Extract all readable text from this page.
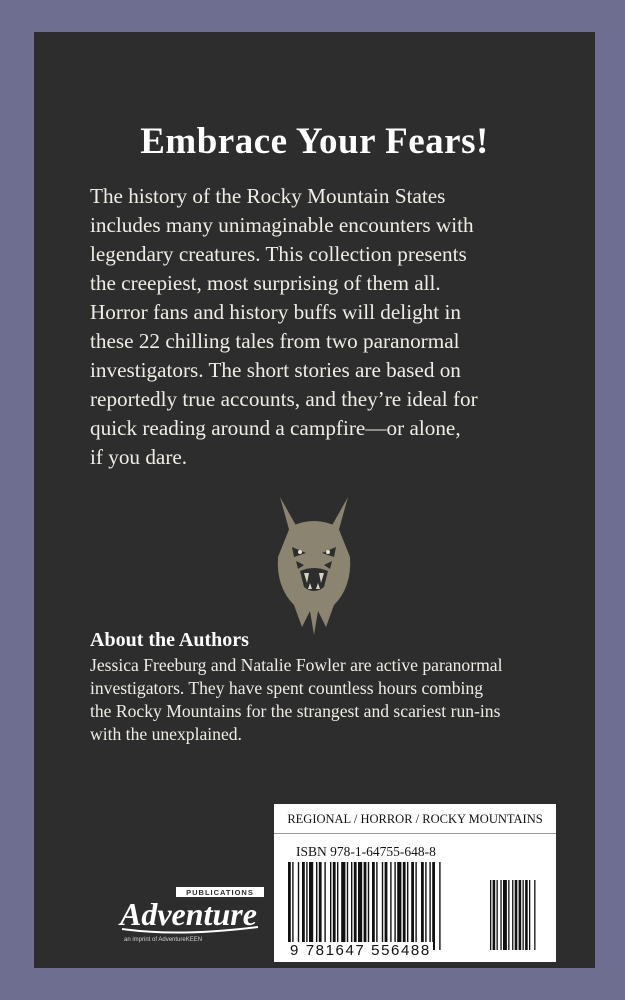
Embrace Your Fears!
The history of the Rocky Mountain States
includes many unimaginable encounters with
legendary creatures. This collection presents
the creepiest, most surprising of them all.
Horror fans and history buffs will delight in
these 22 chilling tales from two paranormal
investigators. The short stories are based on
reportedly true accounts, and they’re ideal for
quick reading around a campfire—or alone,
if you dare.
About the Authors
Jessica Freeburg and Natalie Fowler are active paranormal
investigators. They have spent countless hours combing
the Rocky Mountains for the strangest and scariest run-ins
with the unexplained.
PUBLICATIONS
Adventure
an imprint of AdventureKEEN
REGIONAL / HORROR / ROCKY MOUNTAINS
ISBN 978-1-64755-648-8
9 781647 556488
